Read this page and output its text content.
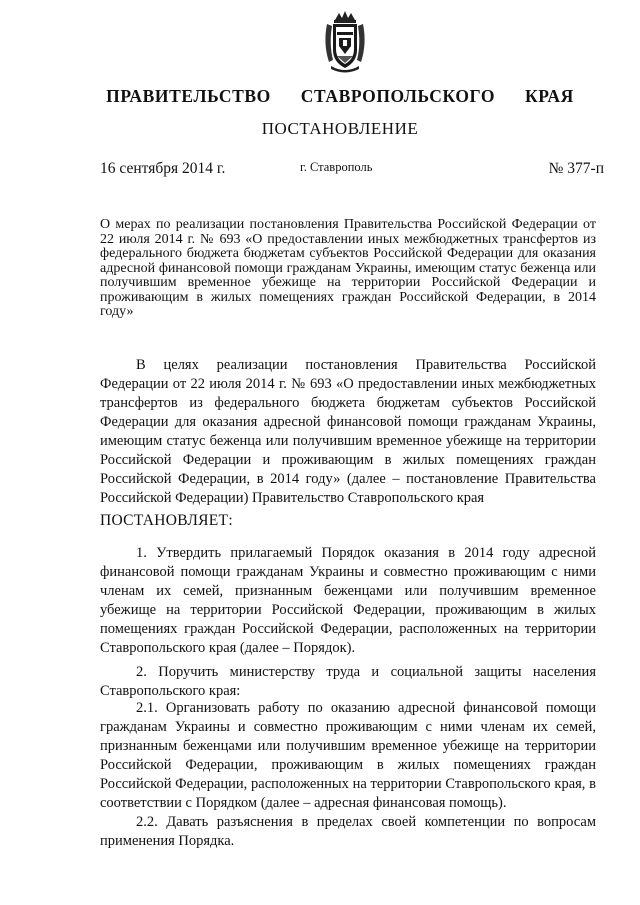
ПРАВИТЕЛЬСТВО  СТАВРОПОЛЬСКОГО  КРАЯ
ПОСТАНОВЛЕНИЕ
16 сентября 2014 г.	г. Ставрополь	№ 377-п
О мерах по реализации постановления Правительства Российской Федерации от 22 июля 2014 г. № 693 «О предоставлении иных межбюджетных трансфертов из федерального бюджета бюджетам субъектов Российской Федерации для оказания адресной финансовой помощи гражданам Украины, имеющим статус беженца или получившим временное убежище на территории Российской Федерации и проживающим в жилых помещениях граждан Российской Федерации, в 2014 году»
В целях реализации постановления Правительства Российской Федерации от 22 июля 2014 г. № 693 «О предоставлении иных межбюджетных трансфертов из федерального бюджета бюджетам субъектов Российской Федерации для оказания адресной финансовой помощи гражданам Украины, имеющим статус беженца или получившим временное убежище на территории Российской Федерации и проживающим в жилых помещениях граждан Российской Федерации, в 2014 году» (далее – постановление Правительства Российской Федерации) Правительство Ставропольского края
ПОСТАНОВЛЯЕТ:
1. Утвердить прилагаемый Порядок оказания в 2014 году адресной финансовой помощи гражданам Украины и совместно проживающим с ними членам их семей, признанным беженцами или получившим временное убежище на территории Российской Федерации, проживающим в жилых помещениях граждан Российской Федерации, расположенных на территории Ставропольского края (далее – Порядок).
2. Поручить министерству труда и социальной защиты населения Ставропольского края:
2.1. Организовать работу по оказанию адресной финансовой помощи гражданам Украины и совместно проживающим с ними членам их семей, признанным беженцами или получившим временное убежище на территории Российской Федерации, проживающим в жилых помещениях граждан Российской Федерации, расположенных на территории Ставропольского края, в соответствии с Порядком (далее – адресная финансовая помощь).
2.2. Давать разъяснения в пределах своей компетенции по вопросам применения Порядка.
